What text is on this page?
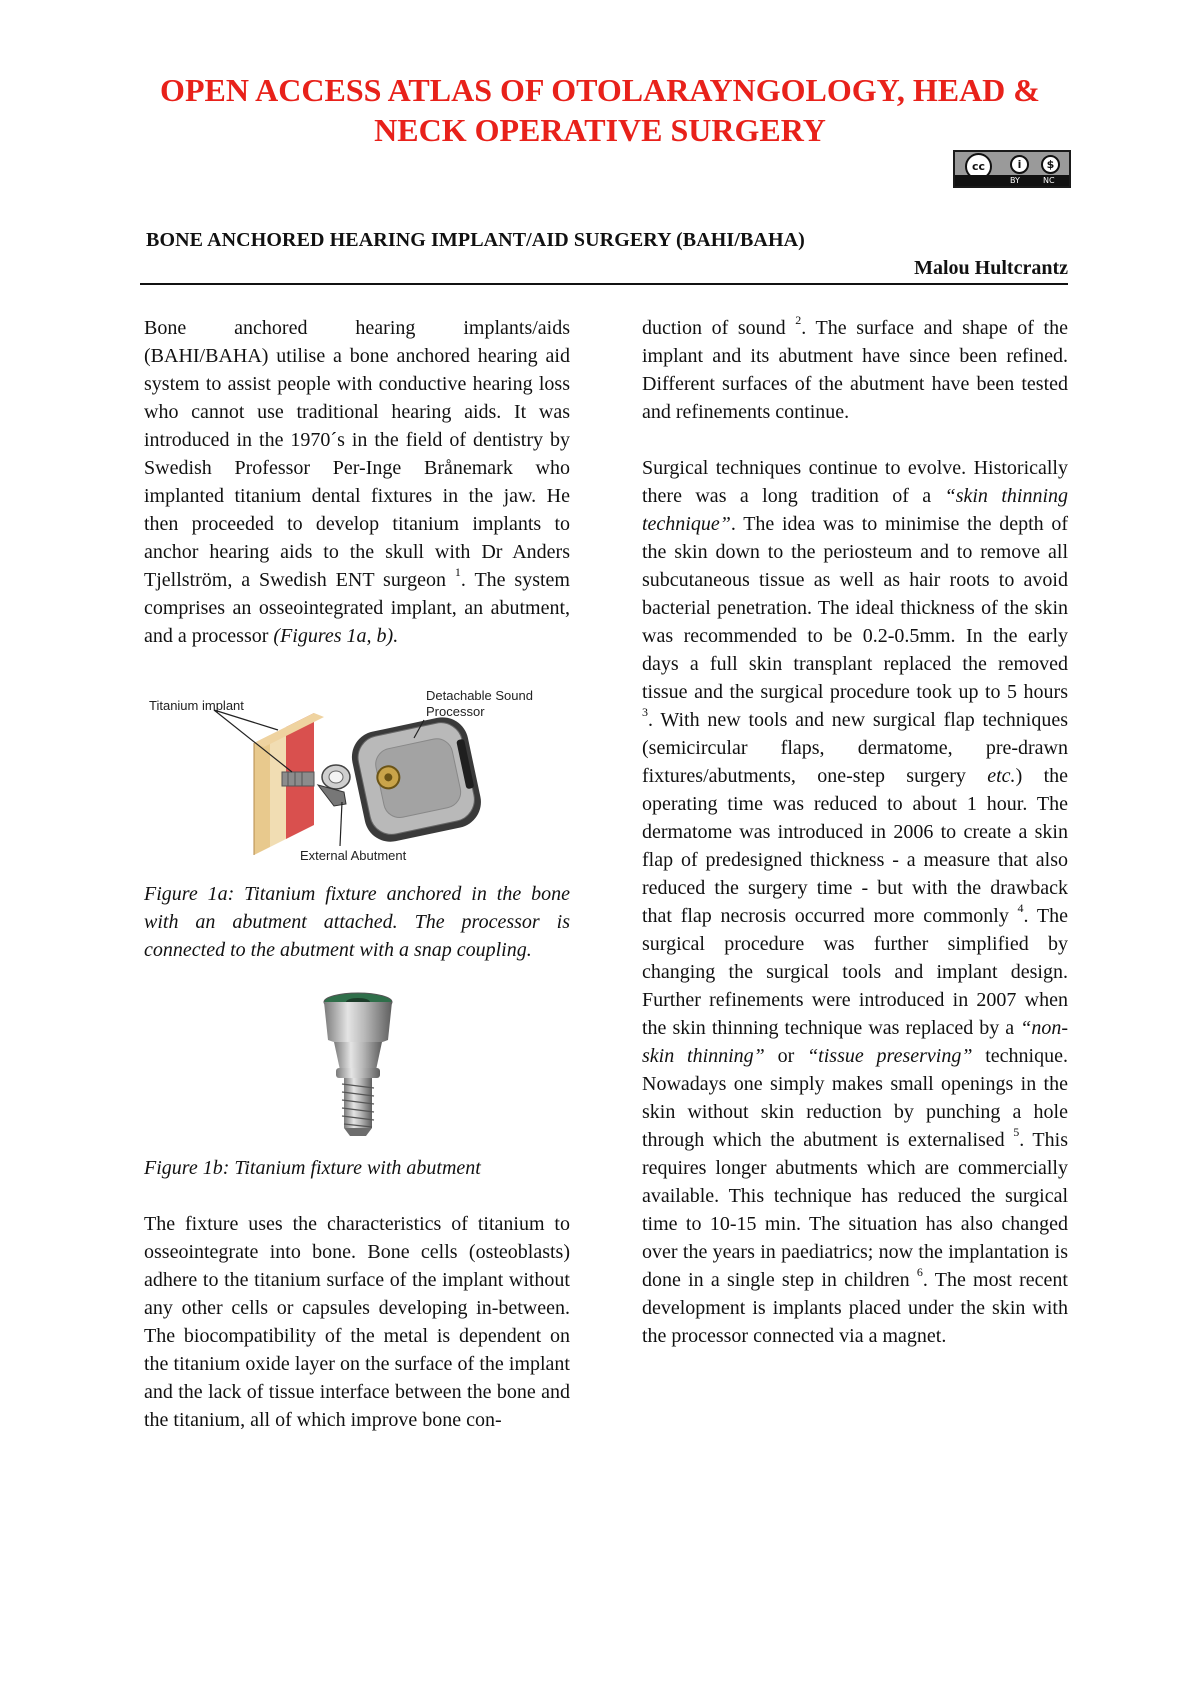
OPEN ACCESS ATLAS OF OTOLARAYNGOLOGY, HEAD &
NECK OPERATIVE SURGERY
cc	i	$
BY	NC
BONE ANCHORED HEARING IMPLANT/AID SURGERY (BAHI/BAHA)
Malou Hultcrantz

Bone anchored hearing implants/aids (BAHI/BAHA) utilise a bone anchored hearing aid system to assist people with conductive hearing loss who cannot use traditional hearing aids. It was introduced in the 1970´s in the field of dentistry by Swedish Professor Per-Inge Brånemark who implanted titanium dental fixtures in the jaw. He then proceeded to develop titanium implants to anchor hearing aids to the skull with Dr Anders Tjellström, a Swedish ENT surgeon $^1$. The system comprises an osseointegrated implant, an abutment, and a processor (Figures 1a, b).

Titanium implant
Detachable Sound
Processor
External Abutment

Figure 1a: Titanium fixture anchored in the bone with an abutment attached. The processor is connected to the abutment with a snap coupling.

Figure 1b: Titanium fixture with abutment

The fixture uses the characteristics of titanium to osseointegrate into bone. Bone cells (osteoblasts) adhere to the titanium surface of the implant without any other cells or capsules developing in-between. The biocompatibility of the metal is dependent on the titanium oxide layer on the surface of the implant and the lack of tissue interface between the bone and the titanium, all of which improve bone con-

duction of sound $^2$. The surface and shape of the implant and its abutment have since been refined. Different surfaces of the abutment have been tested and refinements continue.

Surgical techniques continue to evolve. Historically there was a long tradition of a “skin thinning technique”. The idea was to minimise the depth of the skin down to the periosteum and to remove all subcutaneous tissue as well as hair roots to avoid bacterial penetration. The ideal thickness of the skin was recommended to be 0.2-0.5mm. In the early days a full skin transplant replaced the removed tissue and the surgical procedure took up to 5 hours $^3$. With new tools and new surgical flap techniques (semicircular flaps, dermatome, pre-drawn fixtures/abutments, one-step surgery etc.) the operating time was reduced to about 1 hour. The dermatome was introduced in 2006 to create a skin flap of predesigned thickness - a measure that also reduced the surgery time - but with the drawback that flap necrosis occurred more commonly $^4$. The surgical procedure was further simplified by changing the surgical tools and implant design. Further refinements were introduced in 2007 when the skin thinning technique was replaced by a “non-skin thinning” or “tissue preserving” technique. Nowadays one simply makes small openings in the skin without skin reduction by punching a hole through which the abutment is externalised $^5$. This requires longer abutments which are commercially available. This technique has reduced the surgical time to 10-15 min. The situation has also changed over the years in paediatrics; now the implantation is done in a single step in children $^6$. The most recent development is implants placed under the skin with the processor connected via a magnet.
